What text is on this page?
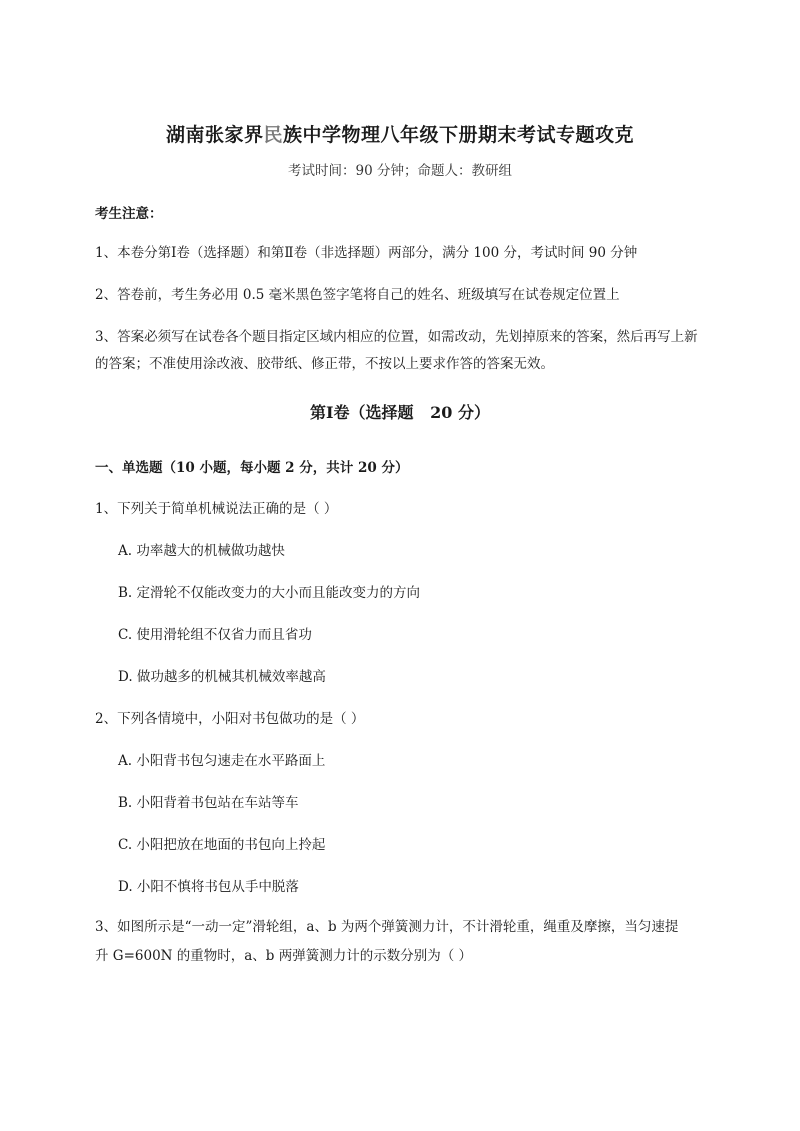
湖南张家界民族中学物理八年级下册期末考试专题攻克
考试时间：90 分钟；命题人：教研组
考生注意：
1、本卷分第Ⅰ卷（选择题）和第Ⅱ卷（非选择题）两部分，满分 100 分，考试时间 90 分钟
2、答卷前，考生务必用 0.5 毫米黑色签字笔将自己的姓名、班级填写在试卷规定位置上
3、答案必须写在试卷各个题目指定区域内相应的位置，如需改动，先划掉原来的答案，然后再写上新
的答案；不准使用涂改液、胶带纸、修正带，不按以上要求作答的答案无效。
第Ⅰ卷（选择题   20 分）
一、单选题（10 小题，每小题 2 分，共计 20 分）
1、下列关于简单机械说法正确的是（ ）
A. 功率越大的机械做功越快
B. 定滑轮不仅能改变力的大小而且能改变力的方向
C. 使用滑轮组不仅省力而且省功
D. 做功越多的机械其机械效率越高
2、下列各情境中，小阳对书包做功的是（ ）
A. 小阳背书包匀速走在水平路面上
B. 小阳背着书包站在车站等车
C. 小阳把放在地面的书包向上拎起
D. 小阳不慎将书包从手中脱落
3、如图所示是“一动一定”滑轮组，a、b 为两个弹簧测力计，不计滑轮重，绳重及摩擦，当匀速提
升 G=600N 的重物时，a、b 两弹簧测力计的示数分别为（ ）
